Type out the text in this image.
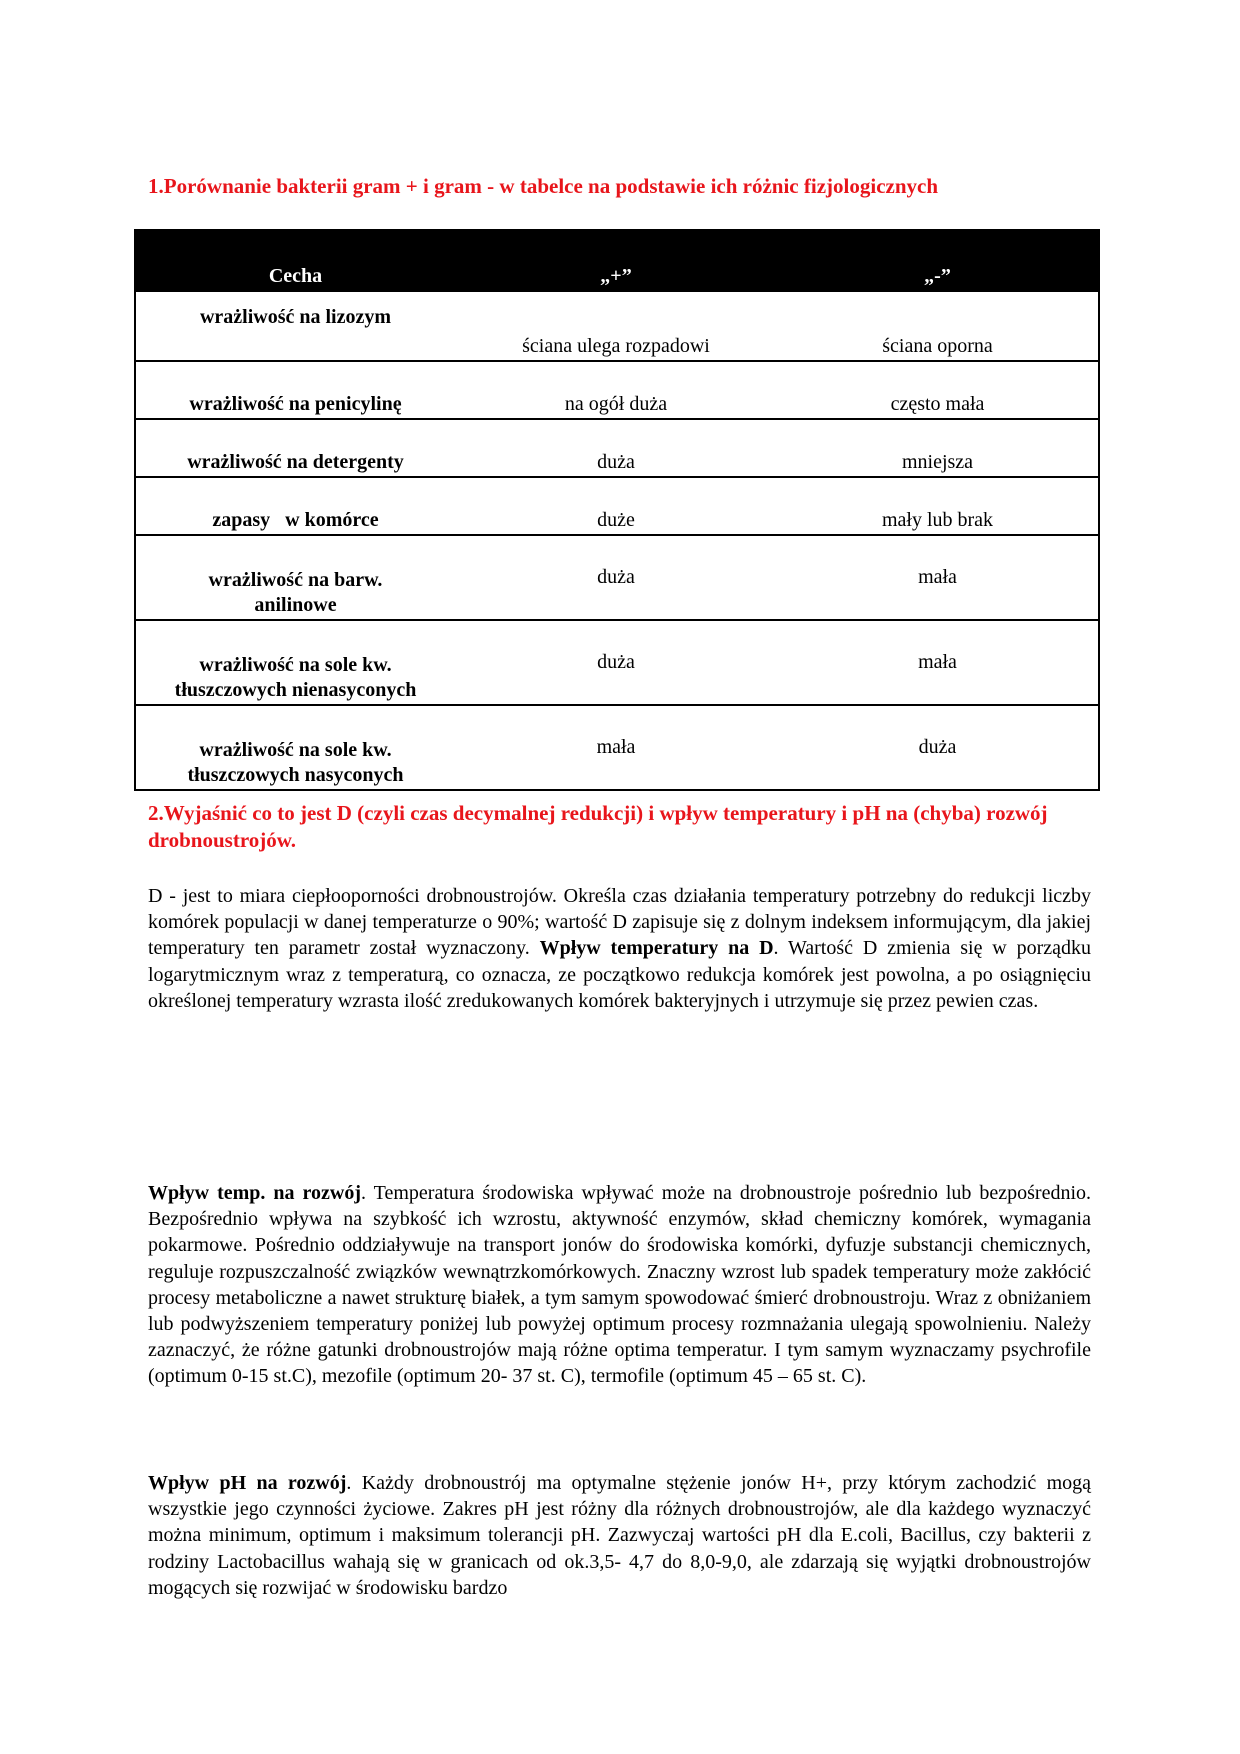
1.Porównanie bakterii gram + i gram - w tabelce na podstawie ich różnic fizjologicznych

Cecha	„+”	„-”
wrażliwość na lizozym	ściana ulega rozpadowi	ściana oporna
wrażliwość na penicylinę	na ogół duża	często mała
wrażliwość na detergenty	duża	mniejsza
zapasy   w komórce	duże	mały lub brak
wrażliwość na barw.
anilinowe	duża	mała
wrażliwość na sole kw.
tłuszczowych nienasyconych	duża	mała
wrażliwość na sole kw.
tłuszczowych nasyconych	mała	duża

2.Wyjaśnić co to jest D (czyli czas decymalnej redukcji) i wpływ temperatury i pH na (chyba) rozwój drobnoustrojów.

D - jest to miara ciepłooporności drobnoustrojów. Określa czas działania temperatury potrzebny do redukcji liczby komórek populacji w danej temperaturze o 90%; wartość D zapisuje się z dolnym indeksem informującym, dla jakiej temperatury ten parametr został wyznaczony. Wpływ temperatury na D. Wartość D zmienia się w porządku logarytmicznym wraz z temperaturą, co oznacza, ze początkowo redukcja komórek jest powolna, a po osiągnięciu określonej temperatury wzrasta ilość zredukowanych komórek bakteryjnych i utrzymuje się przez pewien czas.

Wpływ temp. na rozwój. Temperatura środowiska wpływać może na drobnoustroje pośrednio lub bezpośrednio. Bezpośrednio wpływa na szybkość ich wzrostu, aktywność enzymów, skład chemiczny komórek, wymagania pokarmowe. Pośrednio oddziaływuje na transport jonów do środowiska komórki, dyfuzje substancji chemicznych, reguluje rozpuszczalność związków wewnątrzkomórkowych. Znaczny wzrost lub spadek temperatury może zakłócić procesy metaboliczne a nawet strukturę białek, a tym samym spowodować śmierć drobnoustroju. Wraz z obniżaniem lub podwyższeniem temperatury poniżej lub powyżej optimum procesy rozmnażania ulegają spowolnieniu. Należy zaznaczyć, że różne gatunki drobnoustrojów mają różne optima temperatur. I tym samym wyznaczamy psychrofile (optimum 0-15 st.C), mezofile (optimum 20- 37 st. C), termofile (optimum 45 – 65 st. C).

Wpływ pH na rozwój. Każdy drobnoustrój ma optymalne stężenie jonów H+, przy którym zachodzić mogą wszystkie jego czynności życiowe. Zakres pH jest różny dla różnych drobnoustrojów, ale dla każdego wyznaczyć można minimum, optimum i maksimum tolerancji pH. Zazwyczaj wartości pH dla E.coli, Bacillus, czy bakterii z rodziny Lactobacillus wahają się w granicach od ok.3,5- 4,7 do 8,0-9,0, ale zdarzają się wyjątki drobnoustrojów mogących się rozwijać w środowisku bardzo
